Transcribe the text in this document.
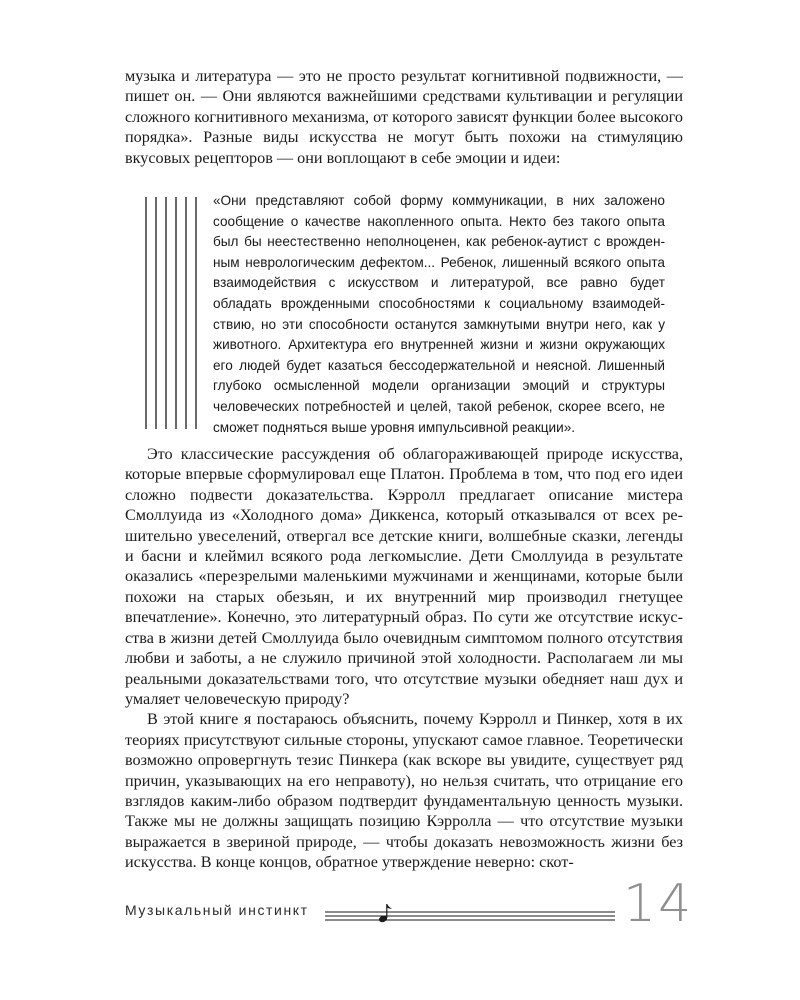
музыка и литература — это не просто результат когнитивной подвижности, — пишет он. — Они являются важнейшими средствами культивации и регуляции сложного когнитивного механизма, от которого зависят функции более высокого порядка». Разные виды искусства не могут быть похожи на стимуляцию вкусовых рецепторов — они воплощают в себе эмоции и идеи:

«Они представляют собой форму коммуникации, в них заложено сообщение о качестве накопленного опыта. Некто без такого опыта был бы неестественно неполноценен, как ребенок-аутист с врожденным неврологическим дефектом... Ребенок, лишенный всякого опыта взаимодействия с искусством и литературой, все равно будет обладать врожденными способностями к социальному взаимодействию, но эти способности останутся замкнутыми внутри него, как у животного. Архитектура его внутренней жизни и жизни окружающих его людей будет казаться бессодержательной и неясной. Лишенный глубоко осмысленной модели организации эмоций и структуры человеческих потребностей и целей, такой ребенок, скорее всего, не сможет подняться выше уровня импульсивной реакции».

Это классические рассуждения об облагораживающей природе искусства, которые впервые сформулировал еще Платон. Проблема в том, что под его идеи сложно подвести доказательства. Кэрролл предлагает описание мистера Смоллуида из «Холодного дома» Диккенса, который отказывался от всех решительно увеселений, отвергал все детские книги, волшебные сказки, легенды и басни и клеймил всякого рода легкомыслие. Дети Смоллуида в результате оказались «перезрелыми маленькими мужчинами и женщинами, которые были похожи на старых обезьян, и их внутренний мир производил гнетущее впечатление». Конечно, это литературный образ. По сути же отсутствие искусства в жизни детей Смоллуида было очевидным симптомом полного отсутствия любви и заботы, а не служило причиной этой холодности. Располагаем ли мы реальными доказательствами того, что отсутствие музыки обедняет наш дух и умаляет человеческую природу?

В этой книге я постараюсь объяснить, почему Кэрролл и Пинкер, хотя в их теориях присутствуют сильные стороны, упускают самое главное. Теоретически возможно опровергнуть тезис Пинкера (как вскоре вы увидите, существует ряд причин, указывающих на его неправоту), но нельзя считать, что отрицание его взглядов каким-либо образом подтвердит фундаментальную ценность музыки. Также мы не должны защищать позицию Кэрролла — что отсутствие музыки выражается в звериной природе, — чтобы доказать невозможность жизни без искусства. В конце концов, обратное утверждение неверно: скот-

Музыкальный инстинкт	14
